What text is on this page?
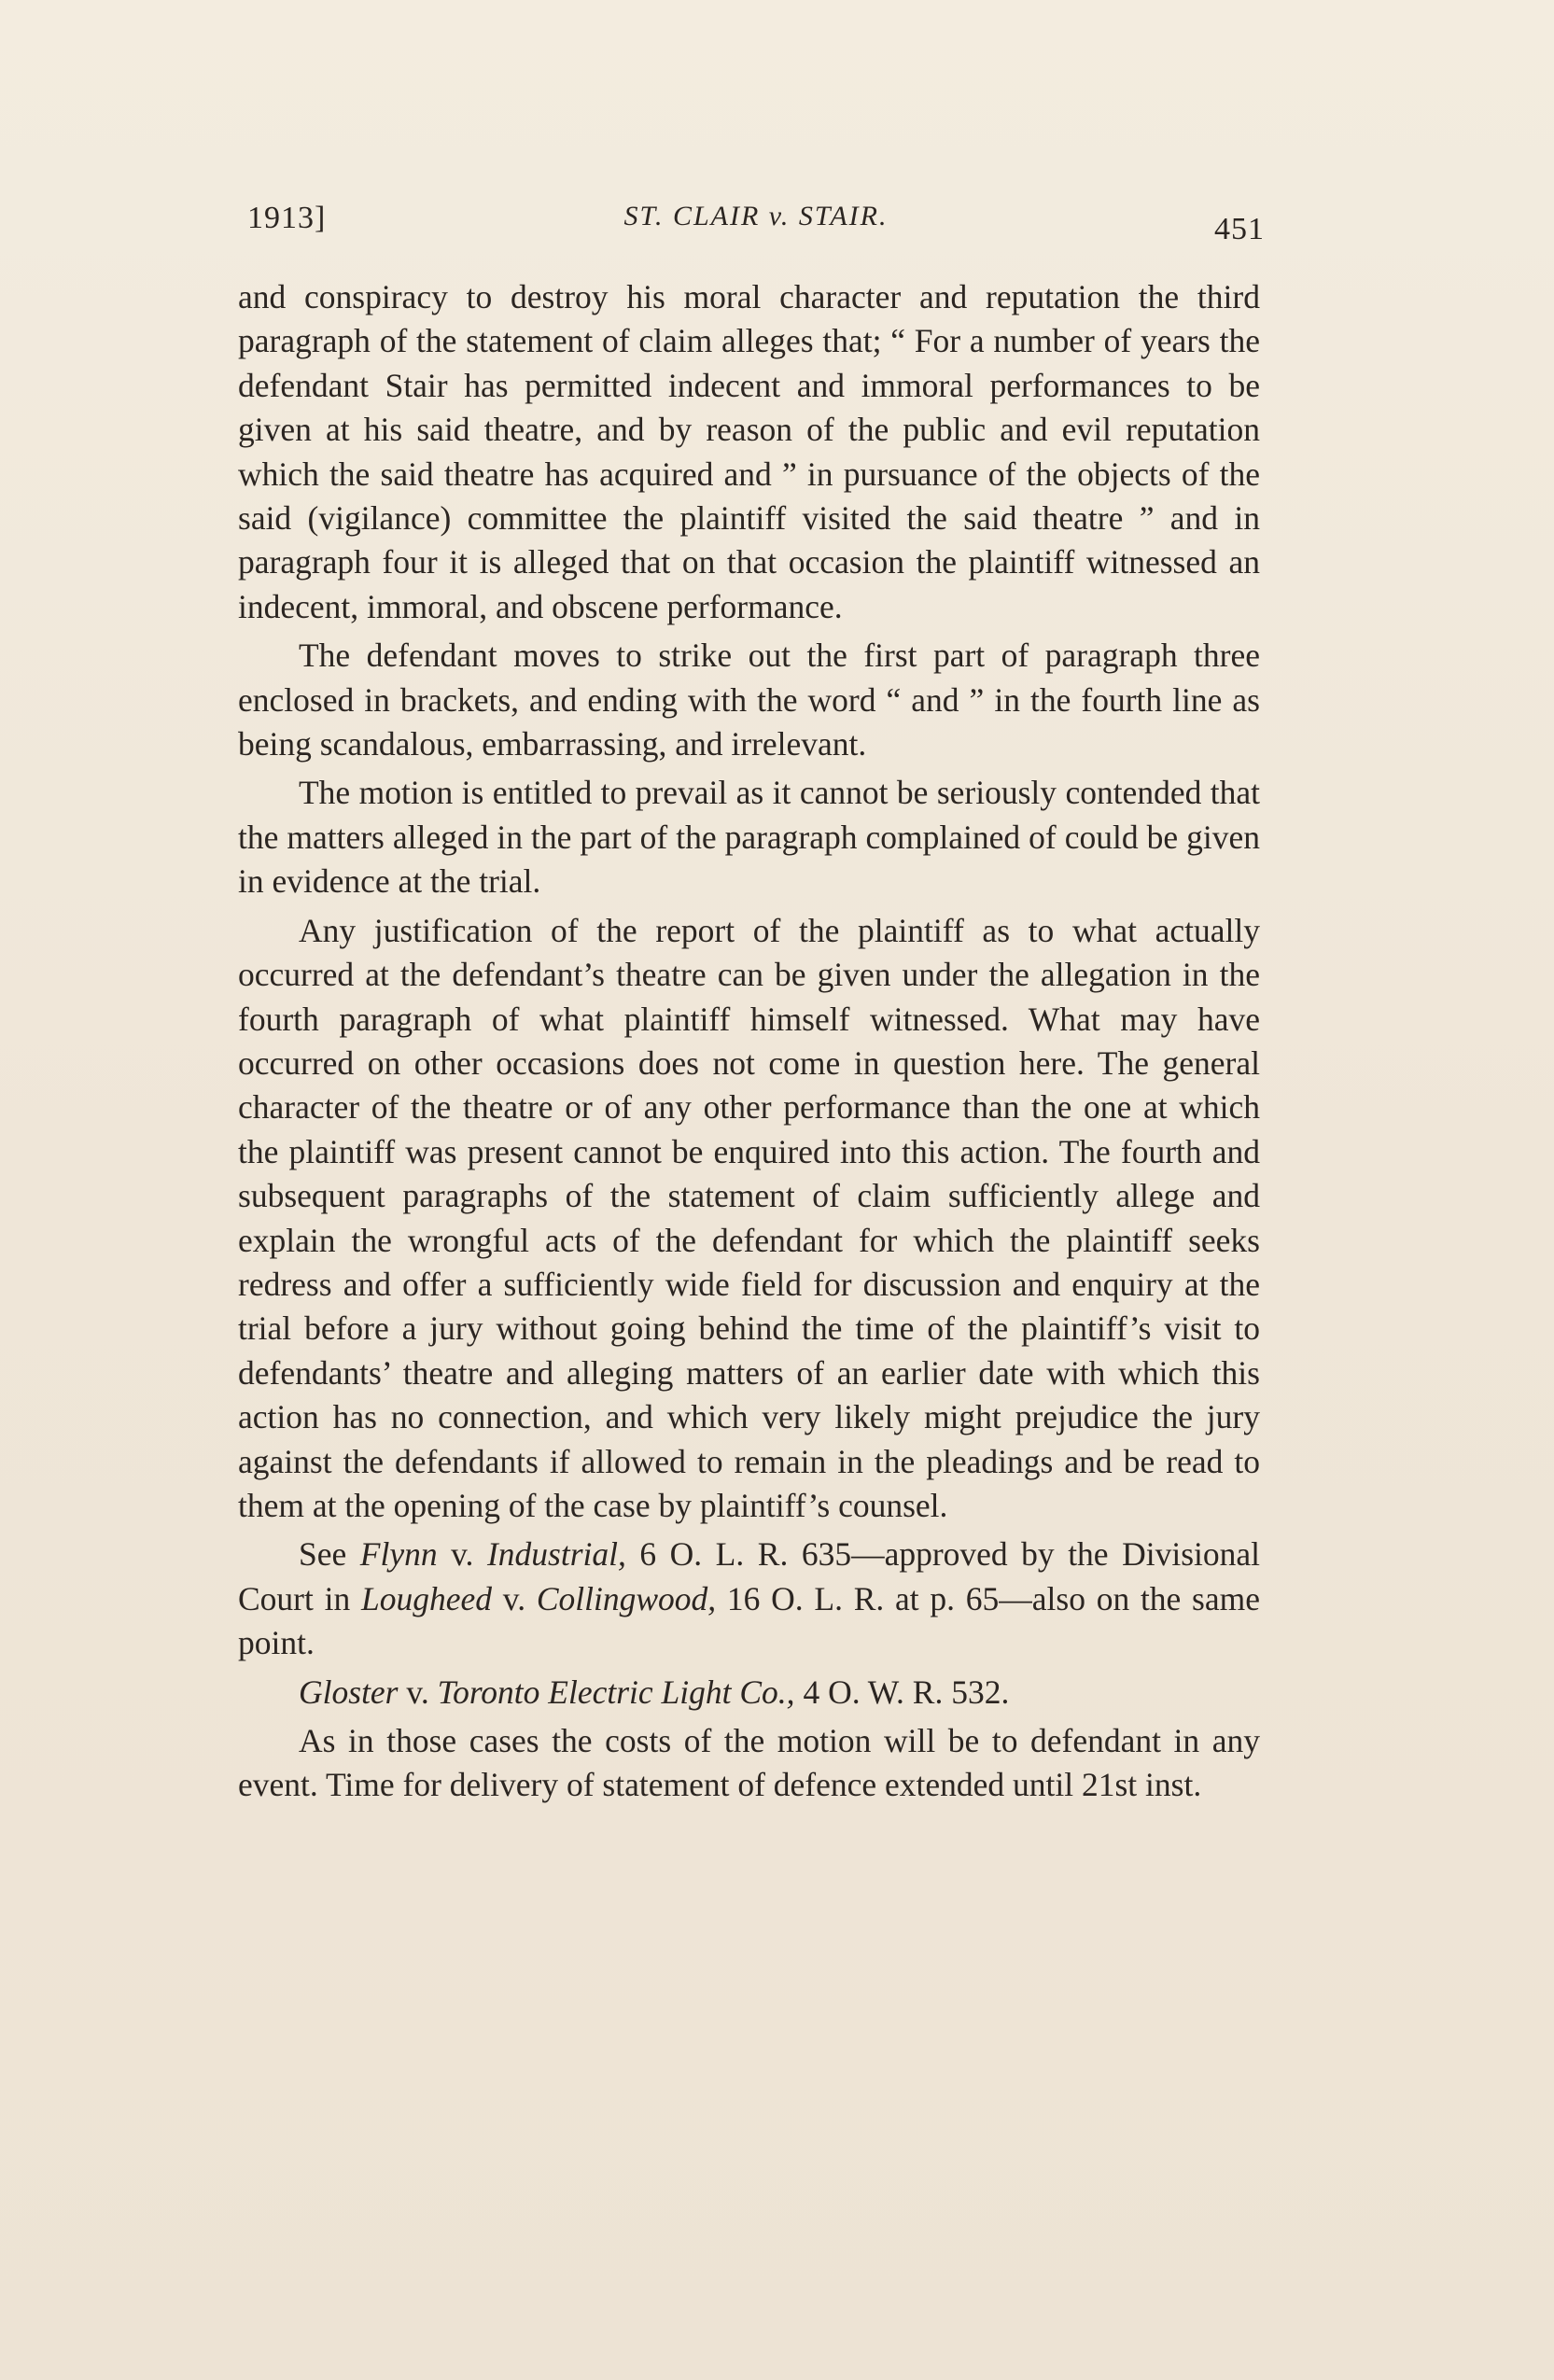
1913]	ST. CLAIR v. STAIR.	451

and conspiracy to destroy his moral character and reputation the third paragraph of the statement of claim alleges that; “ For a number of years the defendant Stair has permitted indecent and immoral performances to be given at his said theatre, and by reason of the public and evil reputation which the said theatre has acquired and ” in pursuance of the objects of the said (vigilance) committee the plaintiff visited the said theatre ” and in paragraph four it is alleged that on that occasion the plaintiff witnessed an indecent, immoral, and obscene performance.

The defendant moves to strike out the first part of paragraph three enclosed in brackets, and ending with the word “ and ” in the fourth line as being scandalous, embarrassing, and irrelevant.

The motion is entitled to prevail as it cannot be seriously contended that the matters alleged in the part of the paragraph complained of could be given in evidence at the trial.

Any justification of the report of the plaintiff as to what actually occurred at the defendant’s theatre can be given under the allegation in the fourth paragraph of what plaintiff himself witnessed. What may have occurred on other occasions does not come in question here. The general character of the theatre or of any other performance than the one at which the plaintiff was present cannot be enquired into this action. The fourth and subsequent paragraphs of the statement of claim sufficiently allege and explain the wrongful acts of the defendant for which the plaintiff seeks redress and offer a sufficiently wide field for discussion and enquiry at the trial before a jury without going behind the time of the plaintiff’s visit to defendants’ theatre and alleging matters of an earlier date with which this action has no connection, and which very likely might prejudice the jury against the defendants if allowed to remain in the pleadings and be read to them at the opening of the case by plaintiff’s counsel.

See Flynn v. Industrial, 6 O. L. R. 635—approved by the Divisional Court in Lougheed v. Collingwood, 16 O. L. R. at p. 65—also on the same point.

Gloster v. Toronto Electric Light Co., 4 O. W. R. 532.

As in those cases the costs of the motion will be to defendant in any event. Time for delivery of statement of defence extended until 21st inst.
